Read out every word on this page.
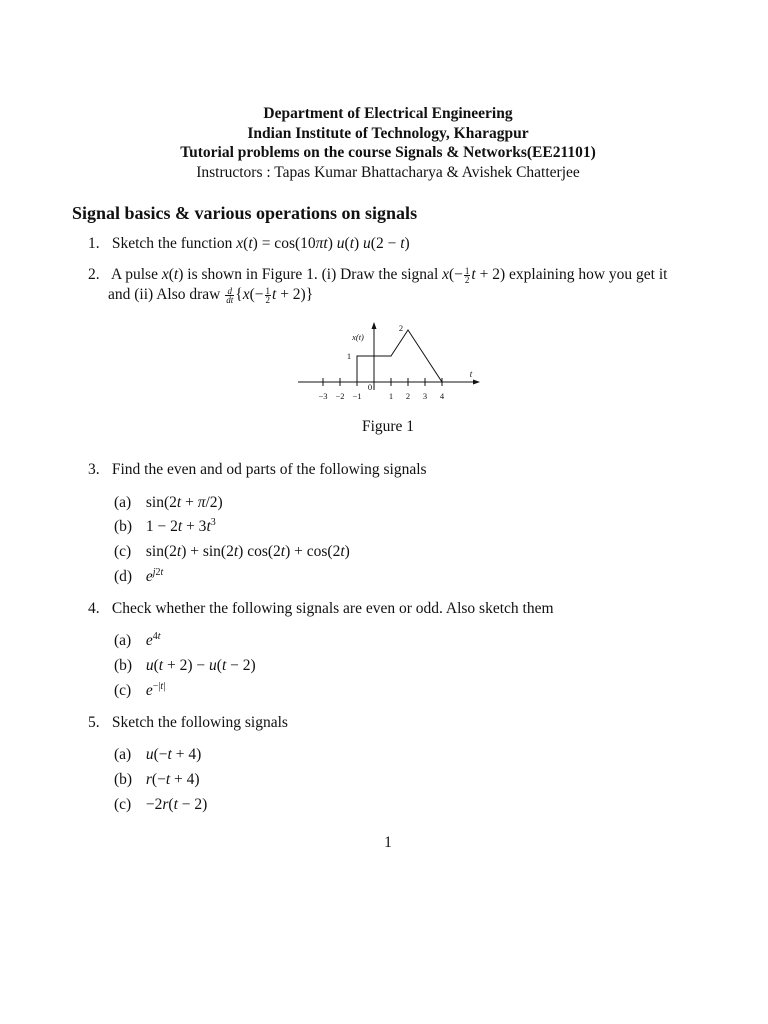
Department of Electrical Engineering
Indian Institute of Technology, Kharagpur
Tutorial problems on the course Signals & Networks(EE21101)
Instructors : Tapas Kumar Bhattacharya & Avishek Chatterjee
Signal basics & various operations on signals
1. Sketch the function x(t) = cos(10πt) u(t) u(2 − t)
2. A pulse x(t) is shown in Figure 1. (i) Draw the signal $x(- \frac{1}{2}$ t + 2) explaining how you get it
and (ii) Also draw $\frac{d}{dt} \{x(- \frac{1}{2}$ t + 2)}
−3 −2 −1	1 2 3 4
0
1
2
x(t)
t
Figure 1
3. Find the even and od parts of the following signals
(a) sin(2t + π/2)
(b) $1 - 2t + 3t^3$
(c) sin(2t) + sin(2t) cos(2t) + cos(2t)
(d) $e^{j2t}$
4. Check whether the following signals are even or odd. Also sketch them
(a) $e^{4t}$
(b) u(t + 2) − u(t − 2)
(c) $e^{-|t|}$
5. Sketch the following signals
(a) u(−t + 4)
(b) r(−t + 4)
(c) −2r(t − 2)
1
